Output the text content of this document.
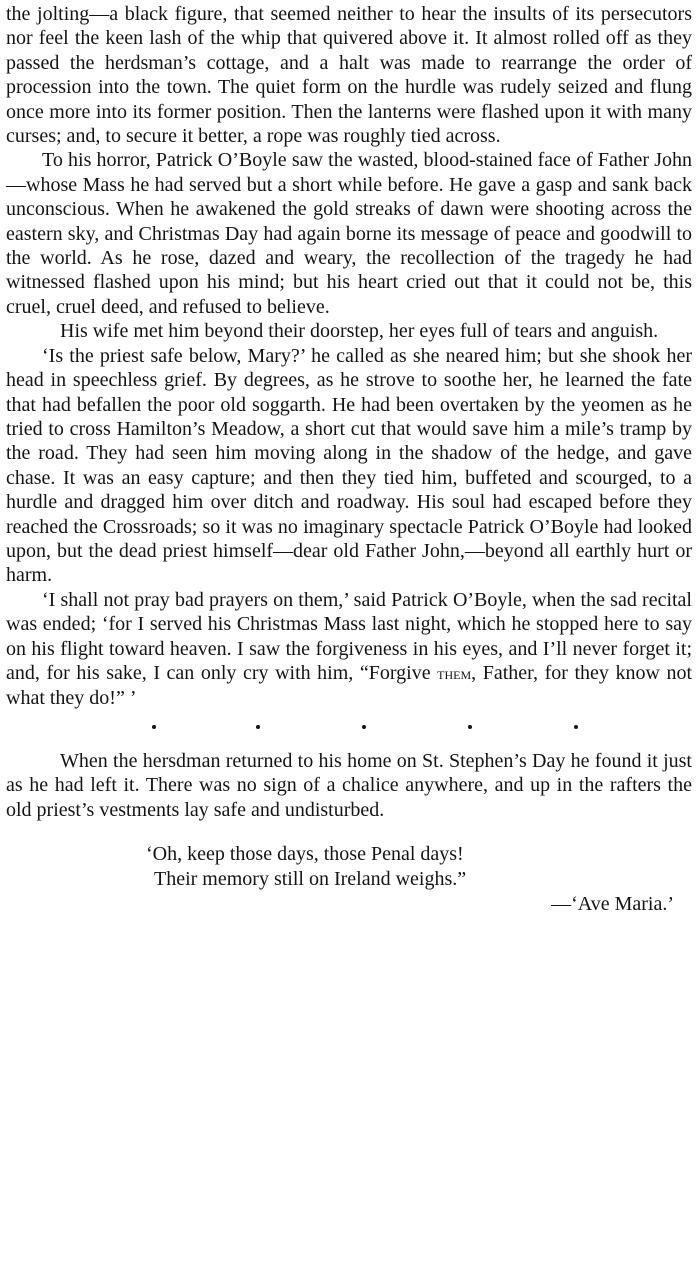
the jolting—a black figure, that seemed neither to hear the insults of its persecutors nor feel the keen lash of the whip that quivered above it. It almost rolled off as they passed the herdsman’s cottage, and a halt was made to rearrange the order of procession into the town. The quiet form on the hurdle was rudely seized and flung once more into its former position. Then the lanterns were flashed upon it with many curses; and, to secure it better, a rope was roughly tied across.

To his horror, Patrick O’Boyle saw the wasted, blood-stained face of Father John—whose Mass he had served but a short while before. He gave a gasp and sank back unconscious. When he awakened the gold streaks of dawn were shooting across the eastern sky, and Christmas Day had again borne its message of peace and goodwill to the world. As he rose, dazed and weary, the recollection of the tragedy he had witnessed flashed upon his mind; but his heart cried out that it could not be, this cruel, cruel deed, and refused to believe.

His wife met him beyond their doorstep, her eyes full of tears and anguish.

‘Is the priest safe below, Mary?’ he called as she neared him; but she shook her head in speechless grief. By degrees, as he strove to soothe her, he learned the fate that had befallen the poor old soggarth. He had been overtaken by the yeomen as he tried to cross Hamilton’s Meadow, a short cut that would save him a mile’s tramp by the road. They had seen him moving along in the shadow of the hedge, and gave chase. It was an easy capture; and then they tied him, buffeted and scourged, to a hurdle and dragged him over ditch and roadway. His soul had escaped before they reached the Crossroads; so it was no imaginary spectacle Patrick O’Boyle had looked upon, but the dead priest himself—dear old Father John,—beyond all earthly hurt or harm.

‘I shall not pray bad prayers on them,’ said Patrick O’Boyle, when the sad recital was ended; ‘for I served his Christmas Mass last night, which he stopped here to say on his flight toward heaven. I saw the forgiveness in his eyes, and I’ll never forget it; and, for his sake, I can only cry with him, “Forgive them, Father, for they know not what they do!” ’

When the hersdman returned to his home on St. Stephen’s Day he found it just as he had left it. There was no sign of a chalice anywhere, and up in the rafters the old priest’s vestments lay safe and undisturbed.

‘Oh, keep those days, those Penal days!
Their memory still on Ireland weighs.”
—‘Ave Maria.’
